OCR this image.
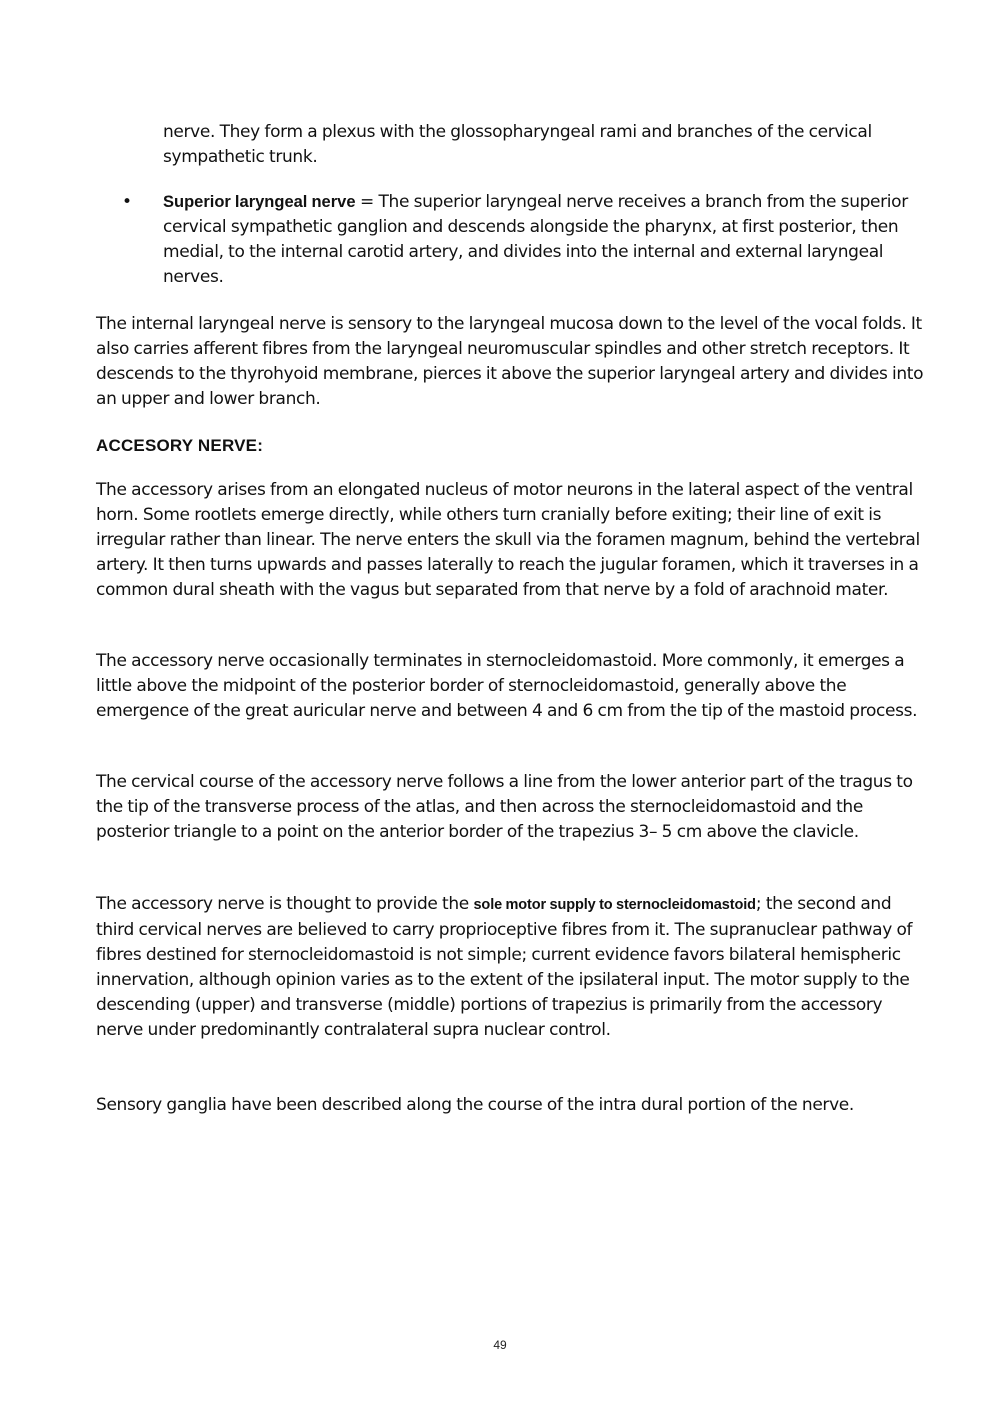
nerve. They form a plexus with the glossopharyngeal rami and branches of the cervical sympathetic trunk.
• Superior laryngeal nerve = The superior laryngeal nerve receives a branch from the superior cervical sympathetic ganglion and descends alongside the pharynx, at first posterior, then medial, to the internal carotid artery, and divides into the internal and external laryngeal nerves.
The internal laryngeal nerve is sensory to the laryngeal mucosa down to the level of the vocal folds. It also carries afferent fibres from the laryngeal neuromuscular spindles and other stretch receptors. It descends to the thyrohyoid membrane, pierces it above the superior laryngeal artery and divides into an upper and lower branch.
ACCESORY NERVE:
The accessory arises from an elongated nucleus of motor neurons in the lateral aspect of the ventral horn. Some rootlets emerge directly, while others turn cranially before exiting; their line of exit is irregular rather than linear. The nerve enters the skull via the foramen magnum, behind the vertebral artery. It then turns upwards and passes laterally to reach the jugular foramen, which it traverses in a common dural sheath with the vagus but separated from that nerve by a fold of arachnoid mater.
The accessory nerve occasionally terminates in sternocleidomastoid. More commonly, it emerges a little above the midpoint of the posterior border of sternocleidomastoid, generally above the emergence of the great auricular nerve and between 4 and 6 cm from the tip of the mastoid process.
The cervical course of the accessory nerve follows a line from the lower anterior part of the tragus to the tip of the transverse process of the atlas, and then across the sternocleidomastoid and the posterior triangle to a point on the anterior border of the trapezius 3– 5 cm above the clavicle.
The accessory nerve is thought to provide the sole motor supply to sternocleidomastoid; the second and third cervical nerves are believed to carry proprioceptive fibres from it. The supranuclear pathway of fibres destined for sternocleidomastoid is not simple; current evidence favors bilateral hemispheric innervation, although opinion varies as to the extent of the ipsilateral input. The motor supply to the descending (upper) and transverse (middle) portions of trapezius is primarily from the accessory nerve under predominantly contralateral supra nuclear control.
Sensory ganglia have been described along the course of the intra dural portion of the nerve.
49
